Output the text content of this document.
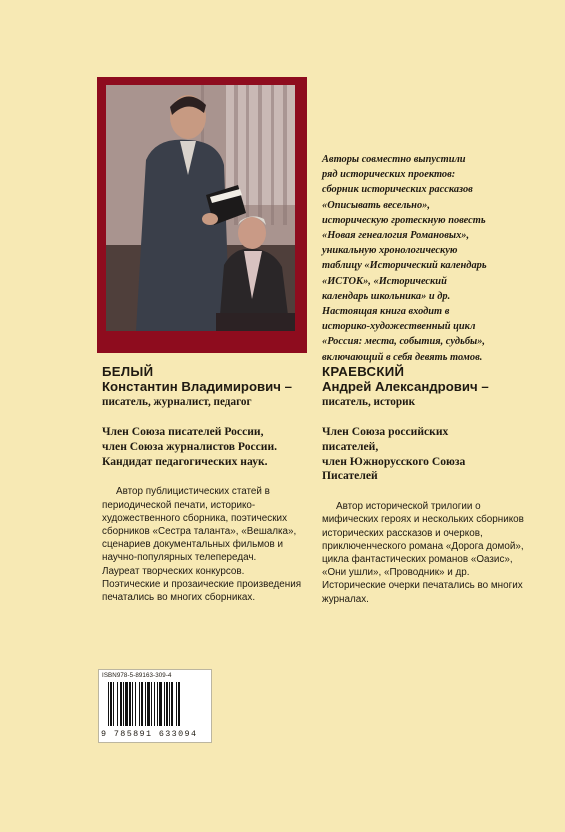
Авторы совместно выпустили
ряд исторических проектов:
сборник исторических рассказов
«Описывать весельно»,
историческую гротескную повесть
«Новая генеалогия Романовых»,
уникальную хронологическую
таблицу «Исторический календарь
«ИСТОК», «Исторический
календарь школьника» и др.
Настоящая книга входит в
историко-художественный цикл
«Россия: места, события, судьбы»,
включающий в себя девять томов.
БЕЛЫЙ
Константин Владимирович –
писатель, журналист, педагог
Член Союза писателей России,
член Союза журналистов России.
Кандидат педагогических наук.
Автор публицистических статей в
периодической печати, историко-
художественного сборника, поэтических
сборников «Сестра таланта», «Вешалка»,
сценариев документальных фильмов и
научно-популярных телепередач.
Лауреат творческих конкурсов.
Поэтические и прозаические произведения
печатались во многих сборниках.
КРАЕВСКИЙ
Андрей Александрович –
писатель, историк
Член Союза российских
писателей,
член Южнорусского Союза
Писателей
Автор исторической трилогии о
мифических героях и нескольких сборников
исторических рассказов и очерков,
приключенческого романа «Дорога домой»,
цикла фантастических романов «Оазис»,
«Они ушли», «Проводник» и др.
Исторические очерки печатались во многих
журналах.
ISBN978-5-89163-309-4
9 785891 633094
